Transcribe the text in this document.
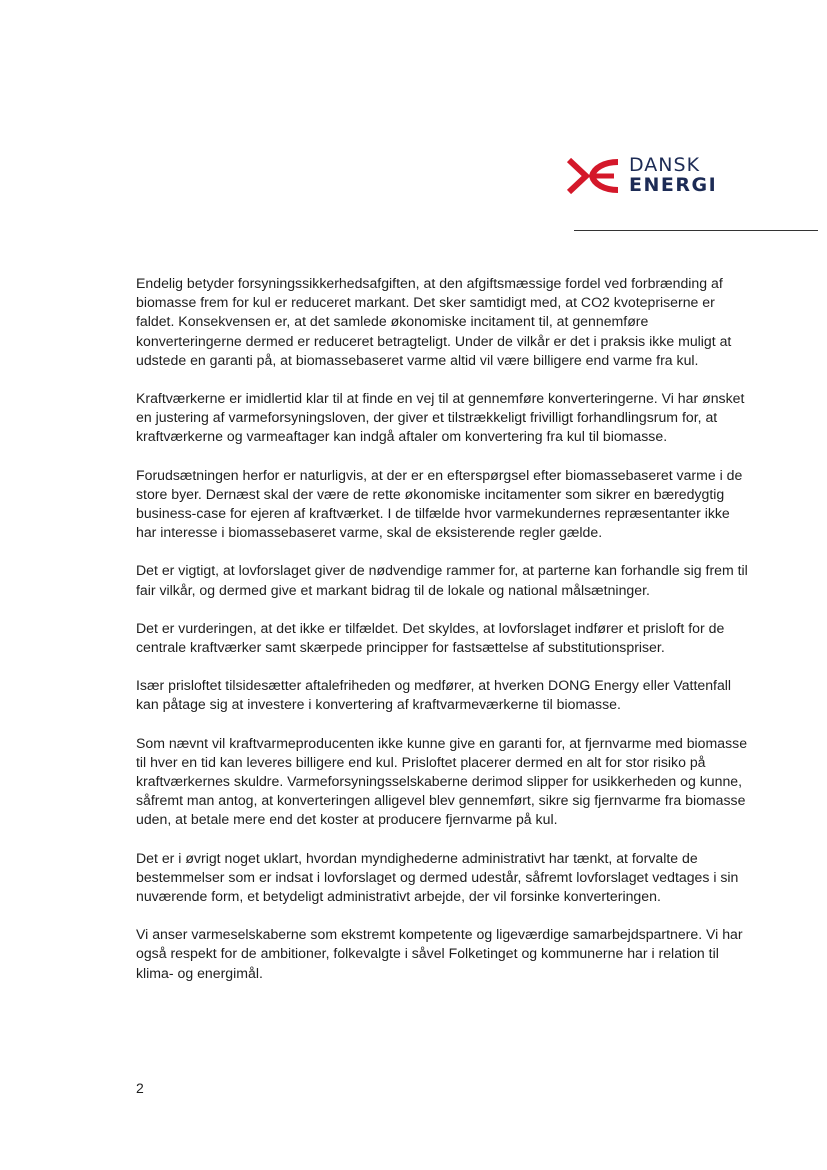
DANSK
ENERGI

Endelig betyder forsyningssikkerhedsafgiften, at den afgiftsmæssige fordel ved forbrænding af biomasse frem for kul er reduceret markant. Det sker samtidigt med, at CO2 kvotepriserne er faldet. Konsekvensen er, at det samlede økonomiske incitament til, at gennemføre konverteringerne dermed er reduceret betragteligt. Under de vilkår er det i praksis ikke muligt at udstede en garanti på, at biomassebaseret varme altid vil være billigere end varme fra kul.

Kraftværkerne er imidlertid klar til at finde en vej til at gennemføre konverteringerne. Vi har ønsket en justering af varmeforsyningsloven, der giver et tilstrækkeligt frivilligt forhandlingsrum for, at kraftværkerne og varmeaftager kan indgå aftaler om konvertering fra kul til biomasse.

Forudsætningen herfor er naturligvis, at der er en efterspørgsel efter biomassebaseret varme i de store byer. Dernæst skal der være de rette økonomiske incitamenter som sikrer en bæredygtig business-case for ejeren af kraftværket. I de tilfælde hvor varmekundernes repræsentanter ikke har interesse i biomassebaseret varme, skal de eksisterende regler gælde.

Det er vigtigt, at lovforslaget giver de nødvendige rammer for, at parterne kan forhandle sig frem til fair vilkår, og dermed give et markant bidrag til de lokale og national målsætninger.

Det er vurderingen, at det ikke er tilfældet. Det skyldes, at lovforslaget indfører et prisloft for de centrale kraftværker samt skærpede principper for fastsættelse af substitutionspriser.

Især prisloftet tilsidesætter aftalefriheden og medfører, at hverken DONG Energy eller Vattenfall kan påtage sig at investere i konvertering af kraftvarmeværkerne til biomasse.

Som nævnt vil kraftvarmeproducenten ikke kunne give en garanti for, at fjernvarme med biomasse til hver en tid kan leveres billigere end kul. Prisloftet placerer dermed en alt for stor risiko på kraftværkernes skuldre. Varmeforsyningsselskaberne derimod slipper for usikkerheden og kunne, såfremt man antog, at konverteringen alligevel blev gennemført, sikre sig fjernvarme fra biomasse uden, at betale mere end det koster at producere fjernvarme på kul.

Det er i øvrigt noget uklart, hvordan myndighederne administrativt har tænkt, at forvalte de bestemmelser som er indsat i lovforslaget og dermed udestår, såfremt lovforslaget vedtages i sin nuværende form, et betydeligt administrativt arbejde, der vil forsinke konverteringen.

Vi anser varmeselskaberne som ekstremt kompetente og ligeværdige samarbejdspartnere. Vi har også respekt for de ambitioner, folkevalgte i såvel Folketinget og kommunerne har i relation til klima- og energimål.

2
